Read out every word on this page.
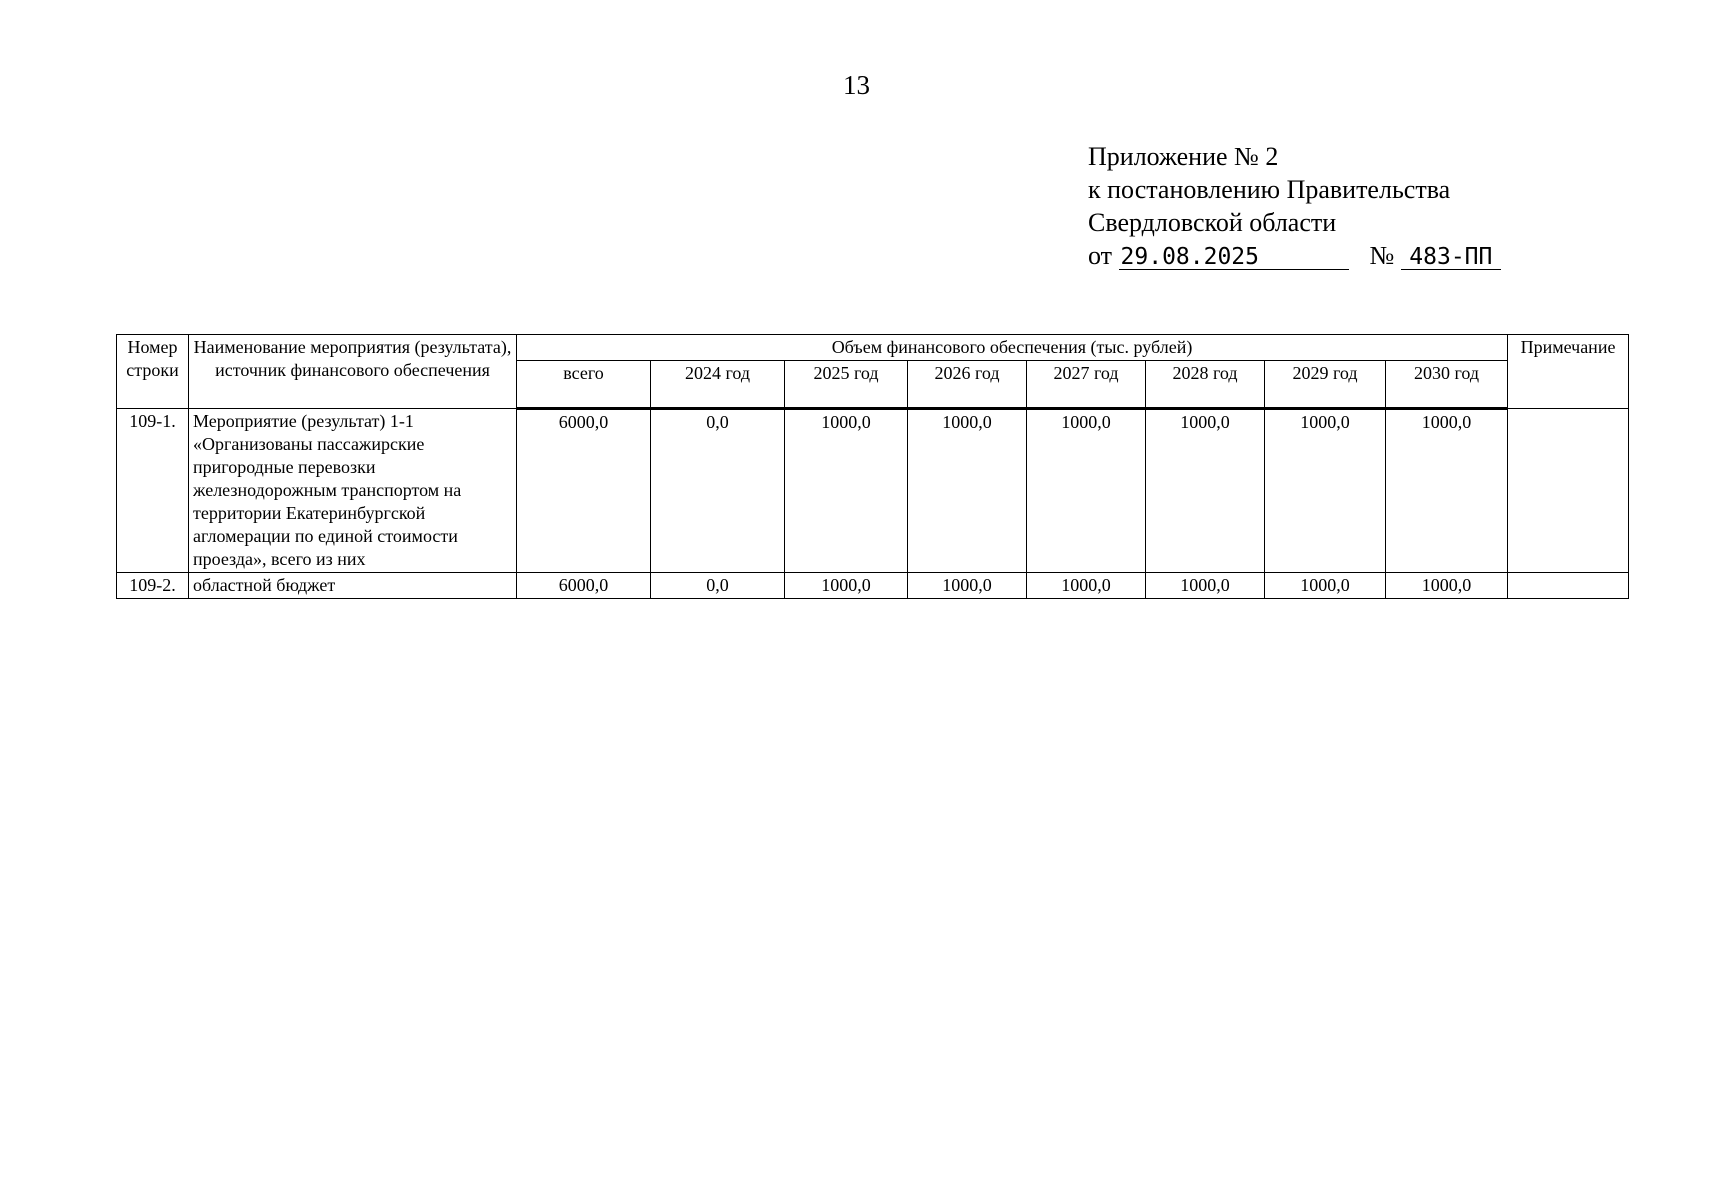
13
Приложение № 2
к постановлению Правительства
Свердловской области
от 29.08.2025	№ 483-ПП
Номер строки	Наименование мероприятия (результата), источник финансового обеспечения	Объем финансового обеспечения (тыс. рублей)								Примечание
		всего	2024 год	2025 год	2026 год	2027 год	2028 год	2029 год	2030 год	
109-1.	Мероприятие (результат) 1-1 «Организованы пассажирские пригородные перевозки железнодорожным транспортом на территории Екатеринбургской агломерации по единой стоимости проезда», всего из них	6000,0	0,0	1000,0	1000,0	1000,0	1000,0	1000,0	1000,0	
109-2.	областной бюджет	6000,0	0,0	1000,0	1000,0	1000,0	1000,0	1000,0	1000,0	
